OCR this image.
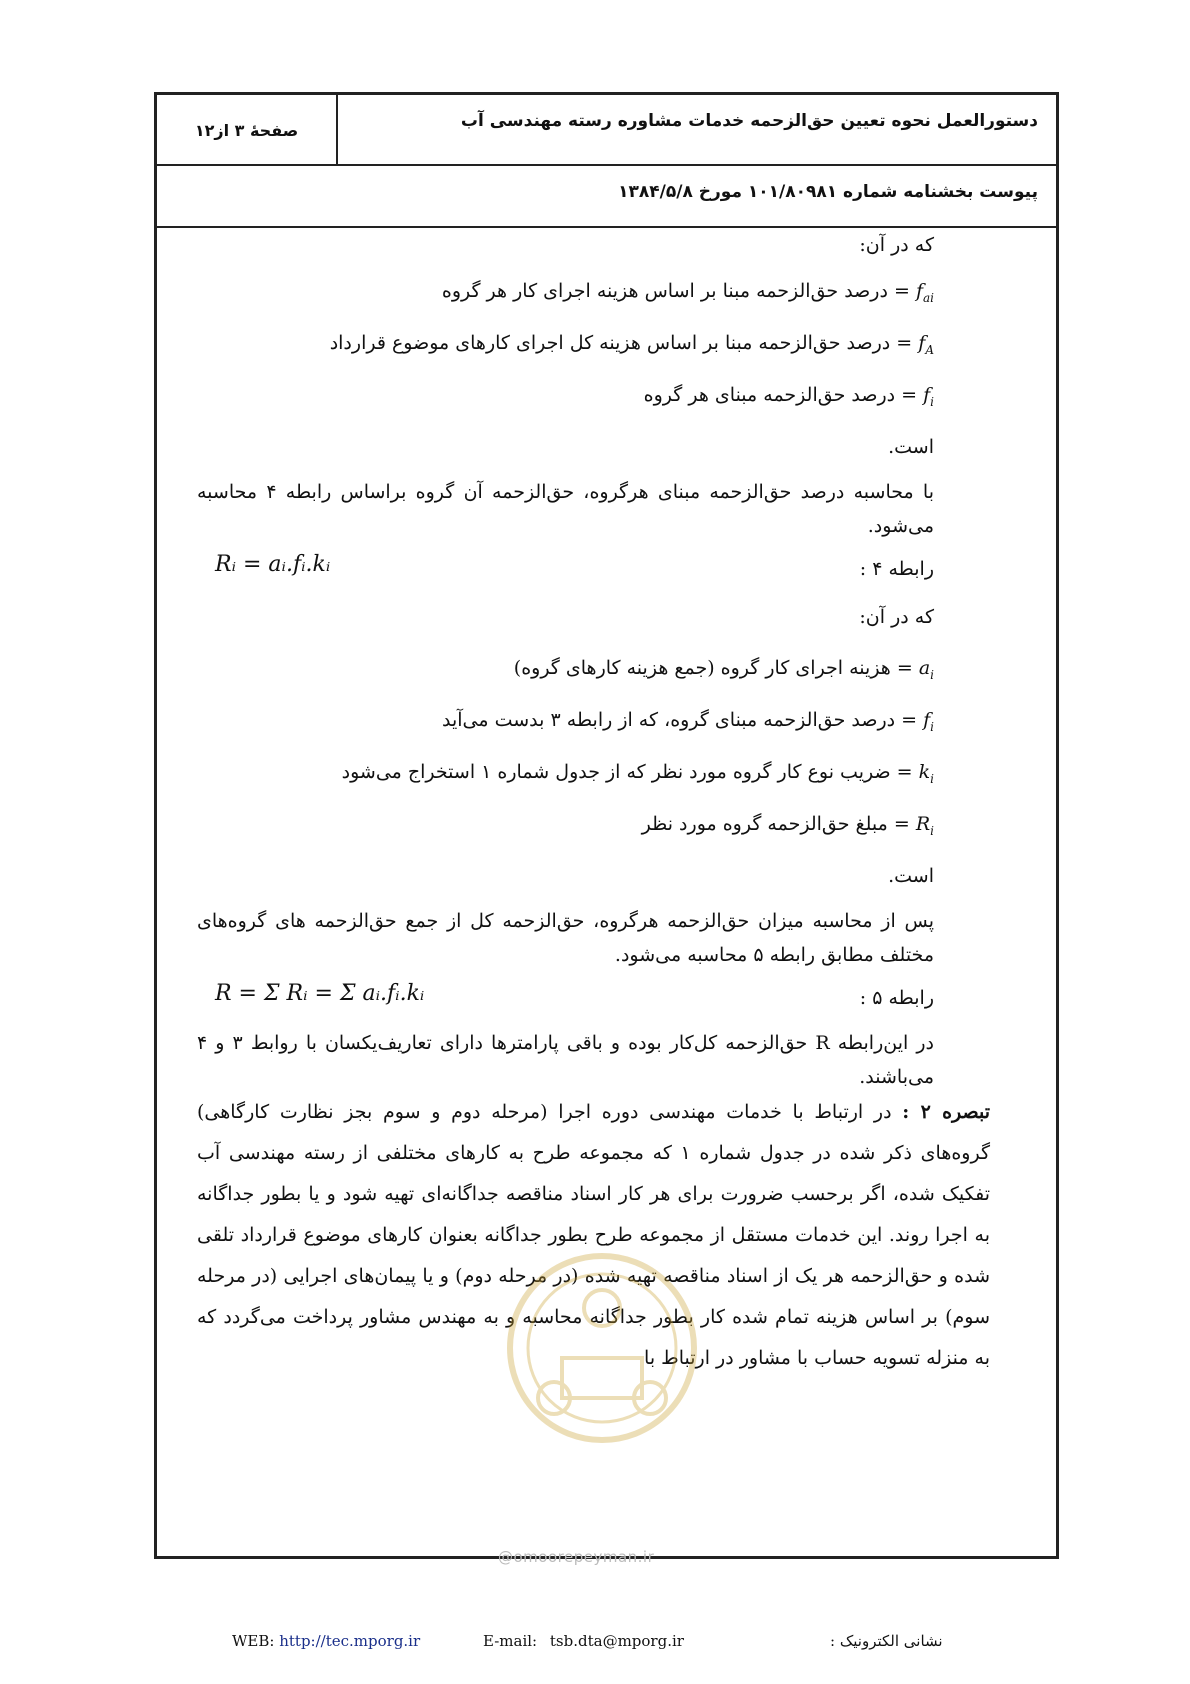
دستورالعمل نحوه تعیین حق‌الزحمه خدمات مشاوره رسته مهندسی آب
صفحۀ ۳ از۱۲
پیوست بخشنامه شماره ۱۰۱/۸۰۹۸۱ مورخ ۱۳۸۴/۵/۸
که در آن:
$f_{ai}$ = درصد حق‌الزحمه مبنا بر اساس هزینه اجرای کار هر گروه
$f_A$ = درصد حق‌الزحمه مبنا بر اساس هزینه کل اجرای کارهای موضوع قرارداد
$f_i$ = درصد حق‌الزحمه مبنای هر گروه
است.

با محاسبه درصد حق‌الزحمه مبنای هرگروه، حق‌الزحمه آن گروه براساس رابطه ۴ محاسبه می‌شود.

رابطه ۴ :
Rᵢ = aᵢ.fᵢ.kᵢ
که در آن:
$a_i$ = هزینه اجرای کار گروه (جمع هزینه کارهای گروه)
$f_i$ = درصد حق‌الزحمه مبنای گروه، که از رابطه ۳ بدست می‌آید
$k_i$ = ضریب نوع کار گروه مورد نظر که از جدول شماره ۱ استخراج می‌شود
$R_i$ = مبلغ حق‌الزحمه گروه مورد نظر
است.

پس از محاسبه میزان حق‌الزحمه هرگروه، حق‌الزحمه کل از جمع حق‌الزحمه های گروه‌های مختلف مطابق رابطه ۵ محاسبه می‌شود.

رابطه ۵ :
R = Σ Rᵢ = Σ aᵢ.fᵢ.kᵢ

در این‌رابطه R حق‌الزحمه کل‌کار بوده و باقی پارامترها دارای تعاریف‌یکسان با روابط ۳ و ۴ می‌باشند.

تبصره ۲ : در ارتباط با خدمات مهندسی دوره اجرا (مرحله دوم و سوم بجز نظارت کارگاهی) گروه‌های ذکر شده در جدول شماره ۱ که مجموعه طرح به کارهای مختلفی از رسته مهندسی آب تفکیک شده، اگر برحسب ضرورت برای هر کار اسناد مناقصه جداگانه‌ای تهیه شود و یا بطور جداگانه به اجرا روند. این خدمات مستقل از مجموعه طرح بطور جداگانه بعنوان کارهای موضوع قرارداد تلقی شده و حق‌الزحمه هر یک از اسناد مناقصه تهیه شده (در مرحله دوم) و یا پیمان‌های اجرایی (در مرحله سوم) بر اساس هزینه تمام شده کار بطور جداگانه محاسبه و به مهندس مشاور پرداخت می‌گردد که به منزله تسویه حساب با مشاور در ارتباط با

@omoorepeyman.ir
WEB: http://tec.mporg.ir	E-mail: tsb.dta@mporg.ir	نشانی الکترونیک :
